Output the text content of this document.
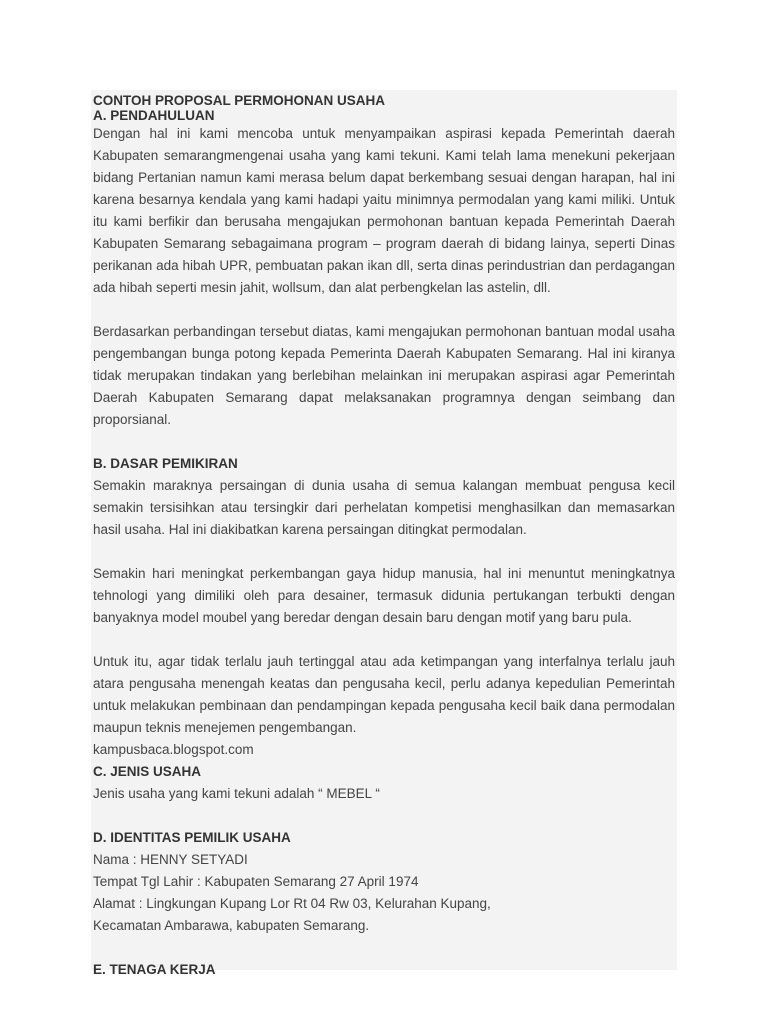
CONTOH PROPOSAL PERMOHONAN USAHA
A. PENDAHULUAN

Dengan hal ini kami mencoba untuk menyampaikan aspirasi kepada Pemerintah daerah Kabupaten semarangmengenai usaha yang kami tekuni. Kami telah lama menekuni pekerjaan bidang Pertanian namun kami merasa belum dapat berkembang sesuai dengan harapan, hal ini karena besarnya kendala yang kami hadapi yaitu minimnya permodalan yang kami miliki. Untuk itu kami berfikir dan berusaha mengajukan permohonan bantuan kepada Pemerintah Daerah Kabupaten Semarang sebagaimana program – program daerah di bidang lainya, seperti Dinas perikanan ada hibah UPR, pembuatan pakan ikan dll, serta dinas perindustrian dan perdagangan ada hibah seperti mesin jahit, wollsum, dan alat perbengkelan las astelin, dll.

Berdasarkan perbandingan tersebut diatas, kami mengajukan permohonan bantuan modal usaha pengembangan bunga potong kepada Pemerinta Daerah Kabupaten Semarang. Hal ini kiranya tidak merupakan tindakan yang berlebihan melainkan ini merupakan aspirasi agar Pemerintah Daerah Kabupaten Semarang dapat melaksanakan programnya dengan seimbang dan proporsianal.

B. DASAR PEMIKIRAN

Semakin maraknya persaingan di dunia usaha di semua kalangan membuat pengusa kecil semakin tersisihkan atau tersingkir dari perhelatan kompetisi menghasilkan dan memasarkan hasil usaha. Hal ini diakibatkan karena persaingan ditingkat permodalan.

Semakin hari meningkat perkembangan gaya hidup manusia, hal ini menuntut meningkatnya tehnologi yang dimiliki oleh para desainer, termasuk didunia pertukangan terbukti dengan banyaknya model moubel yang beredar dengan desain baru dengan motif yang baru pula.

Untuk itu, agar tidak terlalu jauh tertinggal atau ada ketimpangan yang interfalnya terlalu jauh atara pengusaha menengah keatas dan pengusaha kecil, perlu adanya kepedulian Pemerintah untuk melakukan pembinaan dan pendampingan kepada pengusaha kecil baik dana permodalan maupun teknis menejemen pengembangan.

kampusbaca.blogspot.com
C. JENIS USAHA
Jenis usaha yang kami tekuni adalah “ MEBEL “
D. IDENTITAS PEMILIK USAHA
Nama : HENNY SETYADI
Tempat Tgl Lahir : Kabupaten Semarang 27 April 1974
Alamat : Lingkungan Kupang Lor Rt 04 Rw 03, Kelurahan Kupang,
Kecamatan Ambarawa, kabupaten Semarang.
E. TENAGA KERJA
